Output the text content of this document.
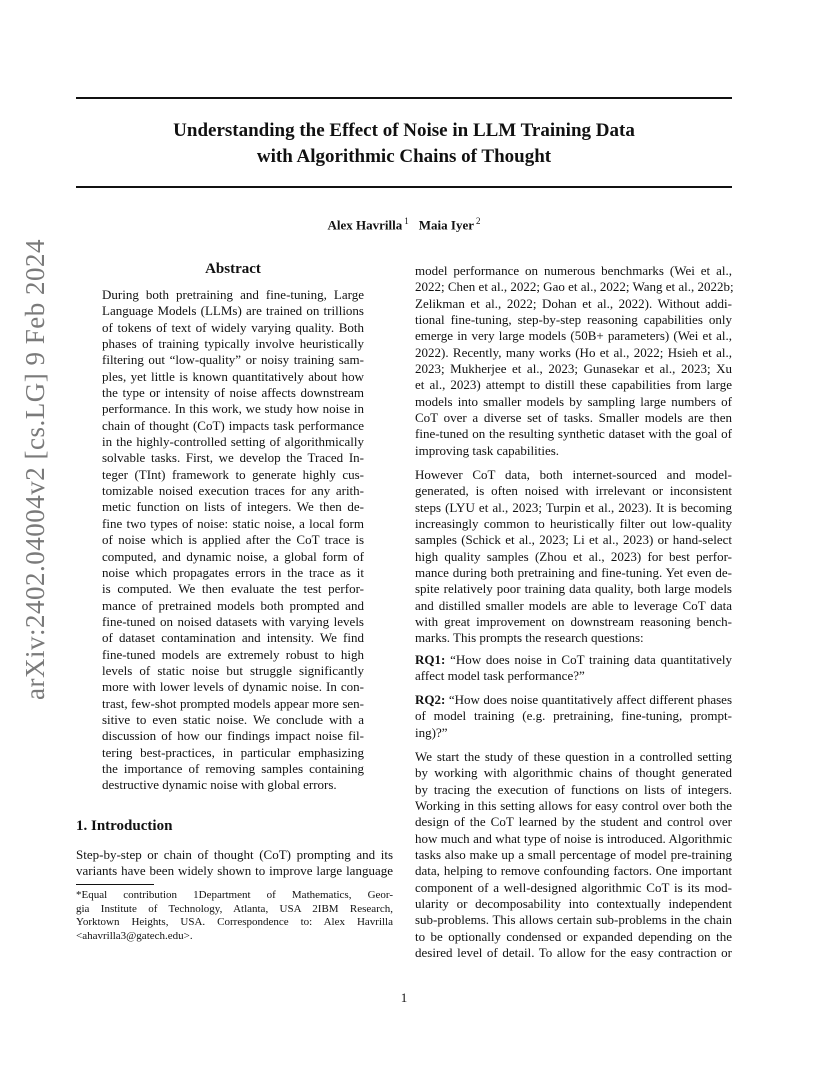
Understanding the Effect of Noise in LLM Training Data
with Algorithmic Chains of Thought
Alex Havrilla $^1$ Maia Iyer $^2$
arXiv:2402.04004v2 [cs.LG] 9 Feb 2024	Abstract
During both pretraining and fine-tuning, Large
Language Models (LLMs) are trained on trillions
of tokens of text of widely varying quality. Both
phases of training typically involve heuristically
filtering out “low-quality” or noisy training sam-
ples, yet little is known quantitatively about how
the type or intensity of noise affects downstream
performance. In this work, we study how noise in
chain of thought (CoT) impacts task performance
in the highly-controlled setting of algorithmically
solvable tasks. First, we develop the Traced In-
teger (TInt) framework to generate highly cus-
tomizable noised execution traces for any arith-
metic function on lists of integers. We then de-
fine two types of noise: static noise, a local form
of noise which is applied after the CoT trace is
computed, and dynamic noise, a global form of
noise which propagates errors in the trace as it
is computed. We then evaluate the test perfor-
mance of pretrained models both prompted and
fine-tuned on noised datasets with varying levels
of dataset contamination and intensity. We find
fine-tuned models are extremely robust to high
levels of static noise but struggle significantly
more with lower levels of dynamic noise. In con-
trast, few-shot prompted models appear more sen-
sitive to even static noise. We conclude with a
discussion of how our findings impact noise fil-
tering best-practices, in particular emphasizing
the importance of removing samples containing
destructive dynamic noise with global errors.
1. Introduction
Step-by-step or chain of thought (CoT) prompting and its
variants have been widely shown to improve large language
*Equal contribution 1Department of Mathematics, Geor-
gia Institute of Technology, Atlanta, USA 2IBM Research,
Yorktown Heights, USA. Correspondence to: Alex Havrilla
<ahavrilla3@gatech.edu>.
model performance on numerous benchmarks (Wei et al.,
2022; Chen et al., 2022; Gao et al., 2022; Wang et al., 2022b;
Zelikman et al., 2022; Dohan et al., 2022). Without addi-
tional fine-tuning, step-by-step reasoning capabilities only
emerge in very large models (50B+ parameters) (Wei et al.,
2022). Recently, many works (Ho et al., 2022; Hsieh et al.,
2023; Mukherjee et al., 2023; Gunasekar et al., 2023; Xu
et al., 2023) attempt to distill these capabilities from large
models into smaller models by sampling large numbers of
CoT over a diverse set of tasks. Smaller models are then
fine-tuned on the resulting synthetic dataset with the goal of
improving task capabilities.
However CoT data, both internet-sourced and model-
generated, is often noised with irrelevant or inconsistent
steps (LYU et al., 2023; Turpin et al., 2023). It is becoming
increasingly common to heuristically filter out low-quality
samples (Schick et al., 2023; Li et al., 2023) or hand-select
high quality samples (Zhou et al., 2023) for best perfor-
mance during both pretraining and fine-tuning. Yet even de-
spite relatively poor training data quality, both large models
and distilled smaller models are able to leverage CoT data
with great improvement on downstream reasoning bench-
marks. This prompts the research questions:
RQ1: “How does noise in CoT training data quantitatively
affect model task performance?”
RQ2: “How does noise quantitatively affect different phases
of model training (e.g. pretraining, fine-tuning, prompt-
ing)?”
We start the study of these question in a controlled setting
by working with algorithmic chains of thought generated
by tracing the execution of functions on lists of integers.
Working in this setting allows for easy control over both the
design of the CoT learned by the student and control over
how much and what type of noise is introduced. Algorithmic
tasks also make up a small percentage of model pre-training
data, helping to remove confounding factors. One important
component of a well-designed algorithmic CoT is its mod-
ularity or decomposability into contextually independent
sub-problems. This allows certain sub-problems in the chain
to be optionally condensed or expanded depending on the
desired level of detail. To allow for the easy contraction or
1
